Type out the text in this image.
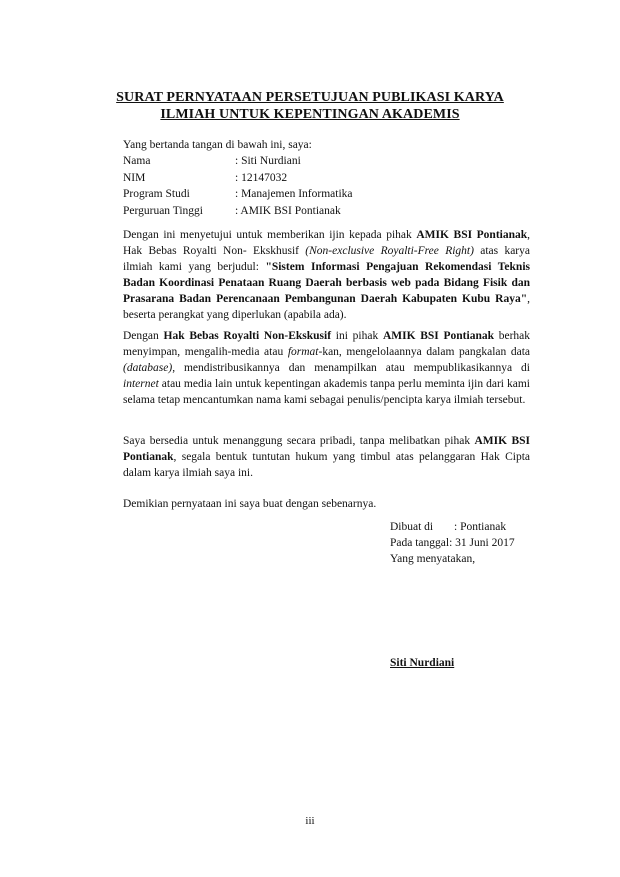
SURAT PERNYATAAN PERSETUJUAN PUBLIKASI KARYA
ILMIAH UNTUK KEPENTINGAN AKADEMIS
Yang bertanda tangan di bawah ini, saya:
Nama	: Siti Nurdiani
NIM	: 12147032
Program Studi	: Manajemen Informatika
Perguruan Tinggi	: AMIK BSI Pontianak

Dengan ini menyetujui untuk memberikan ijin kepada pihak AMIK BSI Pontianak, Hak Bebas Royalti Non- Ekskhusif (Non-exclusive Royalti-Free Right) atas karya ilmiah kami yang berjudul: "Sistem Informasi Pengajuan Rekomendasi Teknis Badan Koordinasi Penataan Ruang Daerah berbasis web pada Bidang Fisik dan Prasarana Badan Perencanaan Pembangunan Daerah Kabupaten Kubu Raya", beserta perangkat yang diperlukan (apabila ada).

Dengan Hak Bebas Royalti Non-Ekskusif ini pihak AMIK BSI Pontianak berhak menyimpan, mengalih-media atau format-kan, mengelolaannya dalam pangkalan data (database), mendistribusikannya dan menampilkan atau mempublikasikannya di internet atau media lain untuk kepentingan akademis tanpa perlu meminta ijin dari kami selama tetap mencantumkan nama kami sebagai penulis/pencipta karya ilmiah tersebut.

Saya bersedia untuk menanggung secara pribadi, tanpa melibatkan pihak AMIK BSI Pontianak, segala bentuk tuntutan hukum yang timbul atas pelanggaran Hak Cipta dalam karya ilmiah saya ini.

Demikian pernyataan ini saya buat dengan sebenarnya.

Dibuat di	: Pontianak
Pada tanggal: 31 Juni 2017
Yang menyatakan,
Siti Nurdiani
iii
